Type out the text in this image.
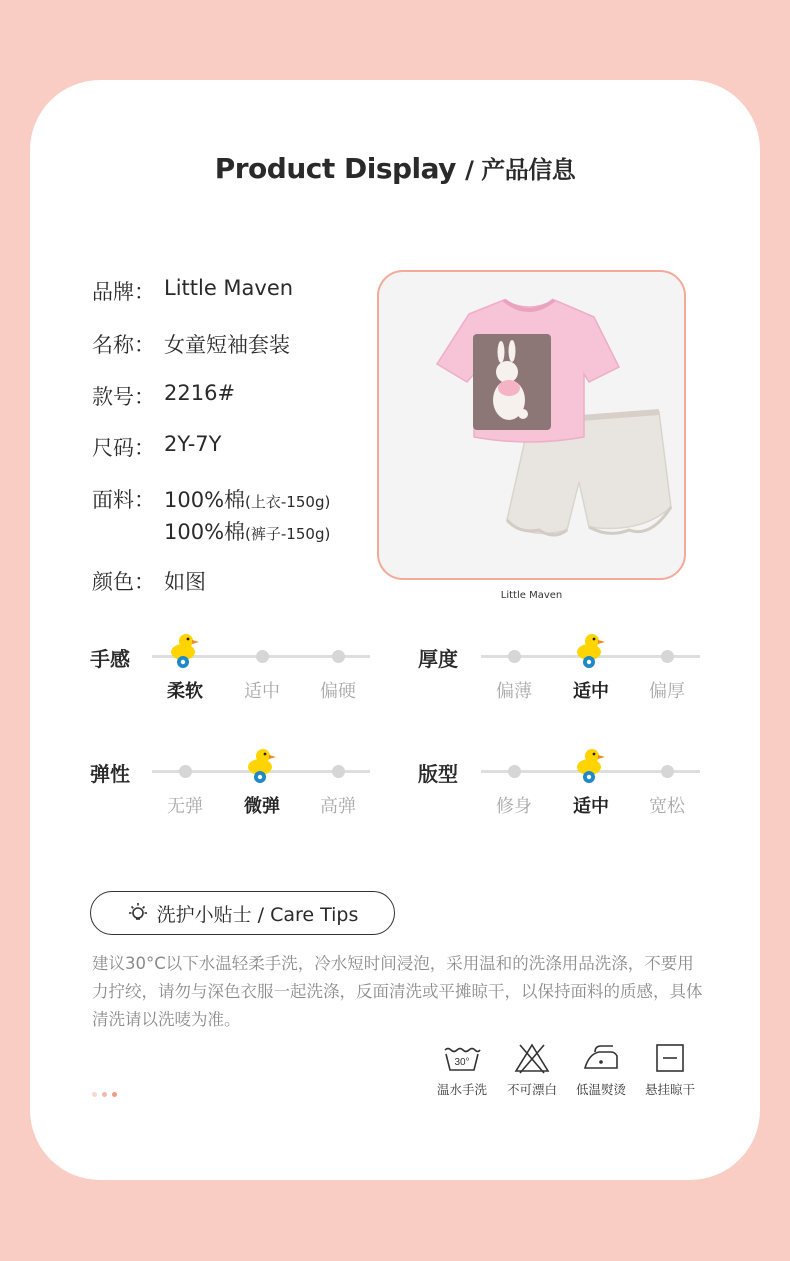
Product Display / 产品信息
品牌： Little Maven
名称： 女童短袖套装
款号： 2216#
尺码： 2Y-7Y
面料： 100%棉(上衣-150g)
100%棉(裤子-150g)
颜色： 如图
Little Maven
手感
柔软	适中	偏硬
厚度
偏薄	适中	偏厚
弹性
无弹	微弹	高弹
版型
修身	适中	宽松
洗护小贴士 / Care Tips
建议30°C以下水温轻柔手洗，冷水短时间浸泡，采用温和的洗涤用品洗涤，不要用力拧绞，请勿与深色衣服一起洗涤，反面清洗或平摊晾干，以保持面料的质感，具体清洗请以洗唛为准。
30°
温水手洗	不可漂白	低温熨烫	悬挂晾干
